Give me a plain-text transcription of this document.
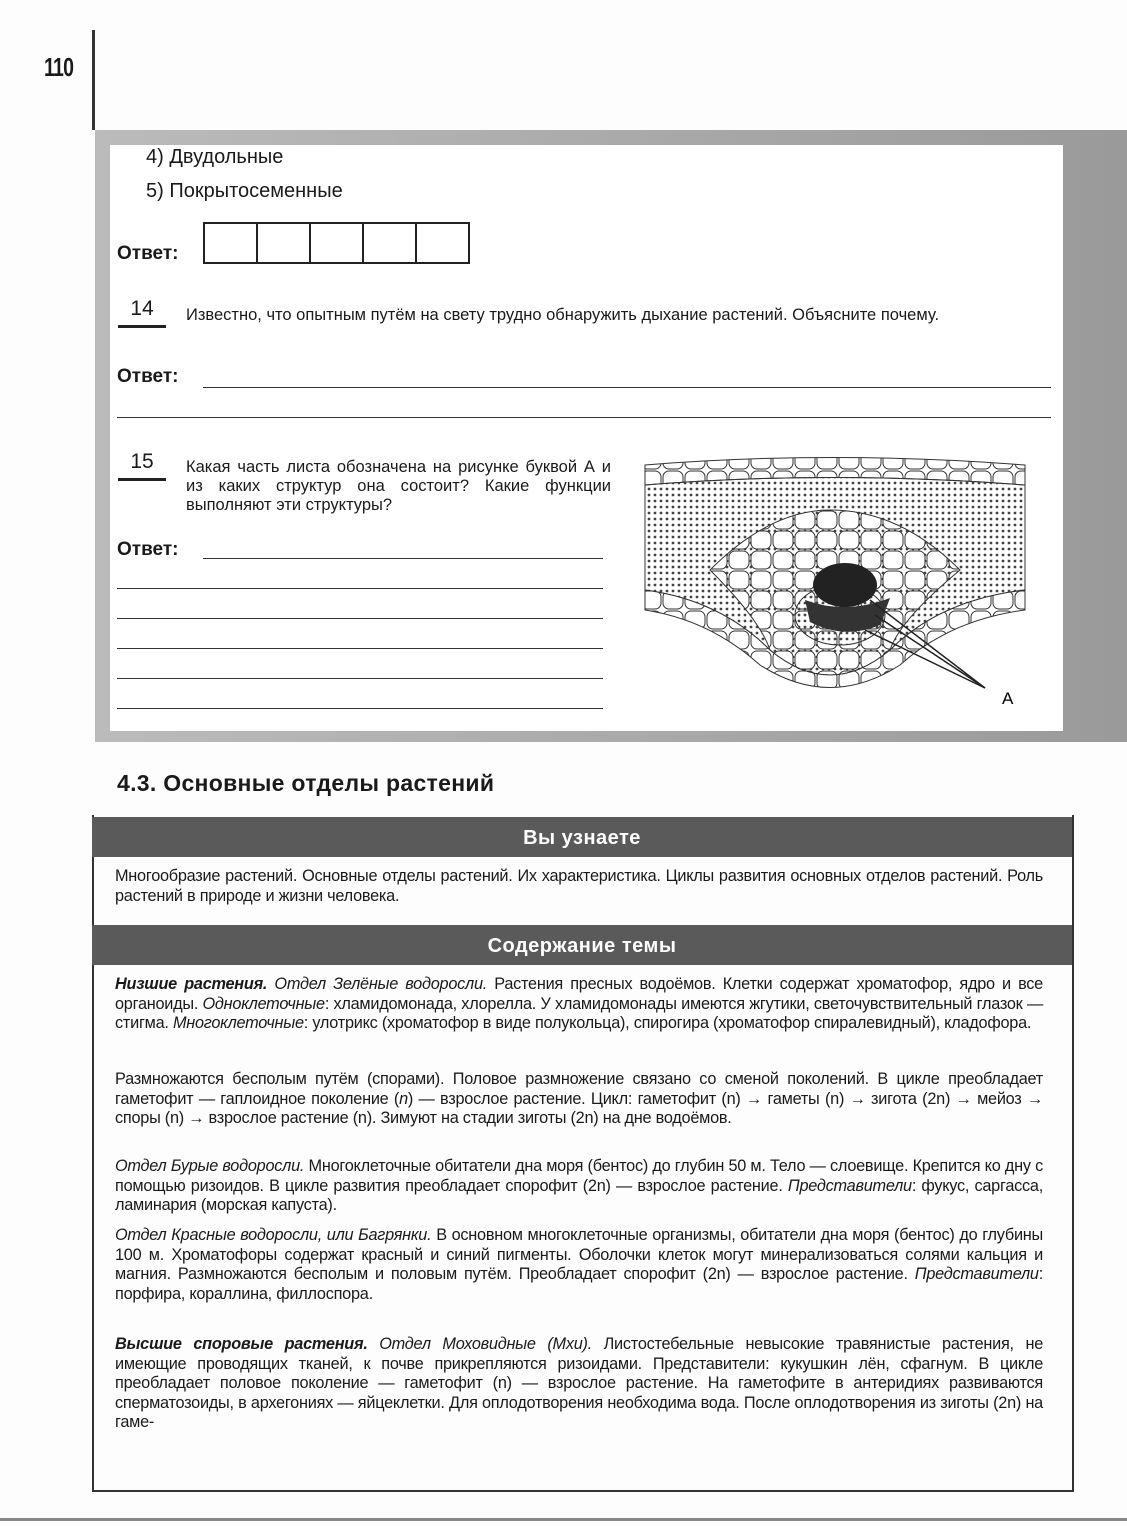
110
4) Двудольные
5) Покрытосеменные
Ответ:
14	Известно, что опытным путём на свету трудно обнаружить дыхание растений. Объясните почему.
Ответ:
15	Какая часть листа обозначена на рисунке буквой А и из каких структур она состоит? Какие функции выполняют эти структуры?
Ответ:
А
4.3. Основные отделы растений
Вы узнаете
Многообразие растений. Основные отделы растений. Их характеристика. Циклы развития основных отделов растений. Роль растений в природе и жизни человека.
Содержание темы
Низшие растения. Отдел Зелёные водоросли. Растения пресных водоёмов. Клетки содержат хроматофор, ядро и все органоиды. Одноклеточные: хламидомонада, хлорелла. У хламидомонады имеются жгутики, светочувствительный глазок — стигма. Многоклеточные: улотрикс (хроматофор в виде полукольца), спирогира (хроматофор спиралевидный), кладофора.
Размножаются бесполым путём (спорами). Половое размножение связано со сменой поколений. В цикле преобладает гаметофит — гаплоидное поколение (n) — взрослое растение. Цикл: гаметофит (n) → гаметы (n) → зигота (2n) → мейоз → споры (n) → взрослое растение (n). Зимуют на стадии зиготы (2n) на дне водоёмов.
Отдел Бурые водоросли. Многоклеточные обитатели дна моря (бентос) до глубин 50 м. Тело — слоевище. Крепится ко дну с помощью ризоидов. В цикле развития преобладает спорофит (2n) — взрослое растение. Представители: фукус, саргасса, ламинария (морская капуста).
Отдел Красные водоросли, или Багрянки. В основном многоклеточные организмы, обитатели дна моря (бентос) до глубины 100 м. Хроматофоры содержат красный и синий пигменты. Оболочки клеток могут минерализоваться солями кальция и магния. Размножаются бесполым и половым путём. Преобладает спорофит (2n) — взрослое растение. Представители: порфира, кораллина, филлоспора.
Высшие споровые растения. Отдел Моховидные (Мхи). Листостебельные невысокие травянистые растения, не имеющие проводящих тканей, к почве прикрепляются ризоидами. Представители: кукушкин лён, сфагнум. В цикле преобладает половое поколение — гаметофит (n) — взрослое растение. На гаметофите в антеридиях развиваются сперматозоиды, в архегониях — яйцеклетки. Для оплодотворения необходима вода. После оплодотворения из зиготы (2n) на гаме-
